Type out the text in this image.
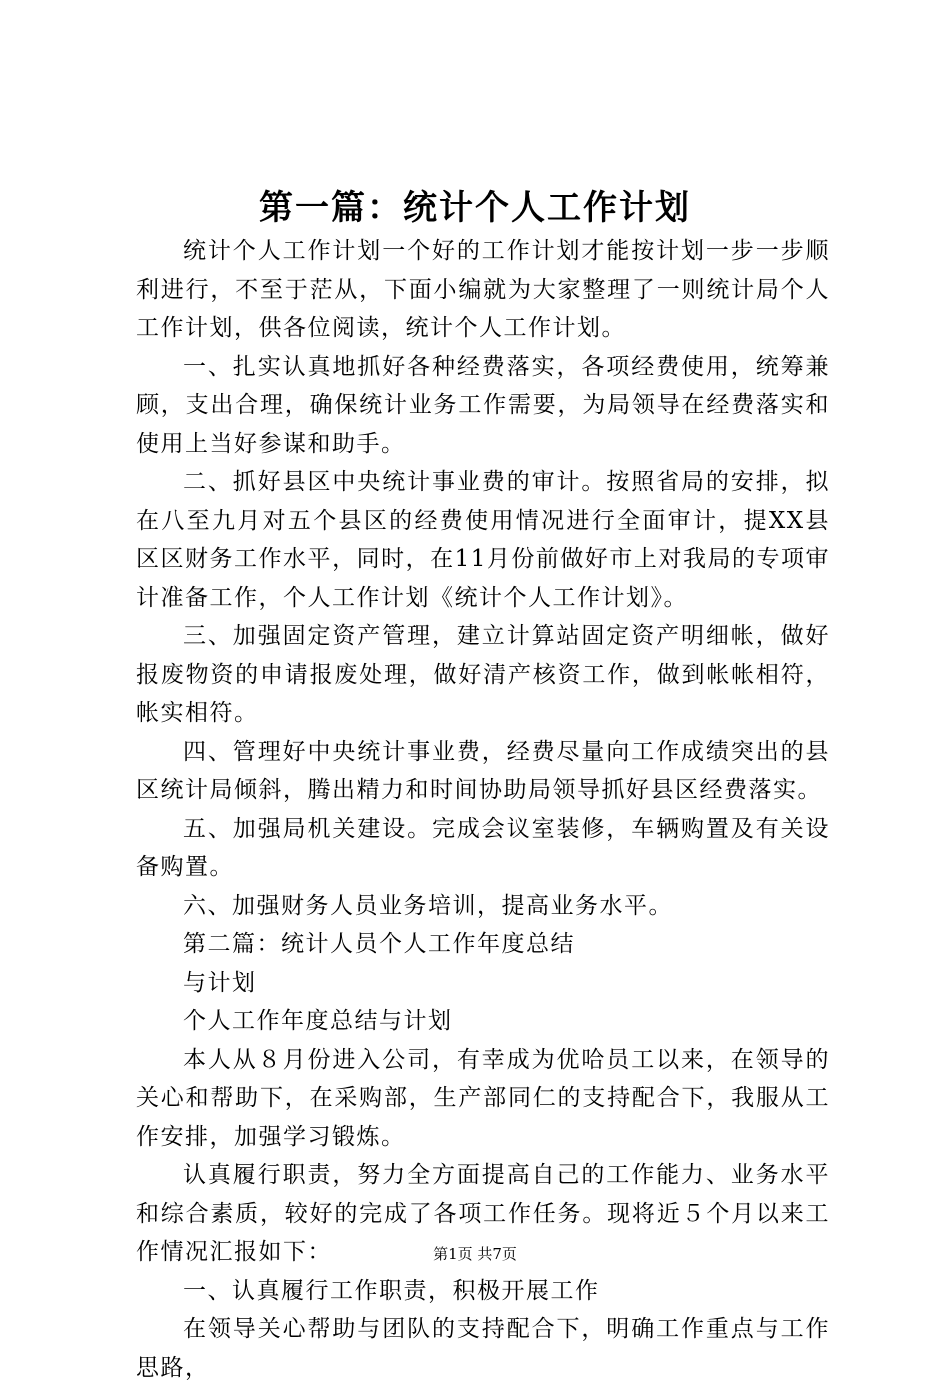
第一篇：统计个人工作计划

统计个人工作计划一个好的工作计划才能按计划一步一步顺利进行，不至于茫从，下面小编就为大家整理了一则统计局个人工作计划，供各位阅读，统计个人工作计划。

一、扎实认真地抓好各种经费落实，各项经费使用，统筹兼顾，支出合理，确保统计业务工作需要，为局领导在经费落实和使用上当好参谋和助手。

二、抓好县区中央统计事业费的审计。按照省局的安排，拟在八至九月对五个县区的经费使用情况进行全面审计，提XX县区区财务工作水平，同时，在11月份前做好市上对我局的专项审计准备工作，个人工作计划《统计个人工作计划》。

三、加强固定资产管理，建立计算站固定资产明细帐，做好报废物资的申请报废处理，做好清产核资工作，做到帐帐相符，帐实相符。

四、管理好中央统计事业费，经费尽量向工作成绩突出的县区统计局倾斜，腾出精力和时间协助局领导抓好县区经费落实。

五、加强局机关建设。完成会议室装修，车辆购置及有关设备购置。

六、加强财务人员业务培训，提高业务水平。

第二篇：统计人员个人工作年度总结

与计划

个人工作年度总结与计划

本人从８月份进入公司，有幸成为优哈员工以来，在领导的关心和帮助下，在采购部，生产部同仁的支持配合下，我服从工作安排，加强学习锻炼。

认真履行职责，努力全方面提高自己的工作能力、业务水平和综合素质，较好的完成了各项工作任务。现将近５个月以来工作情况汇报如下：

一、认真履行工作职责，积极开展工作

在领导关心帮助与团队的支持配合下，明确工作重点与工作思路，

第1页 共7页
